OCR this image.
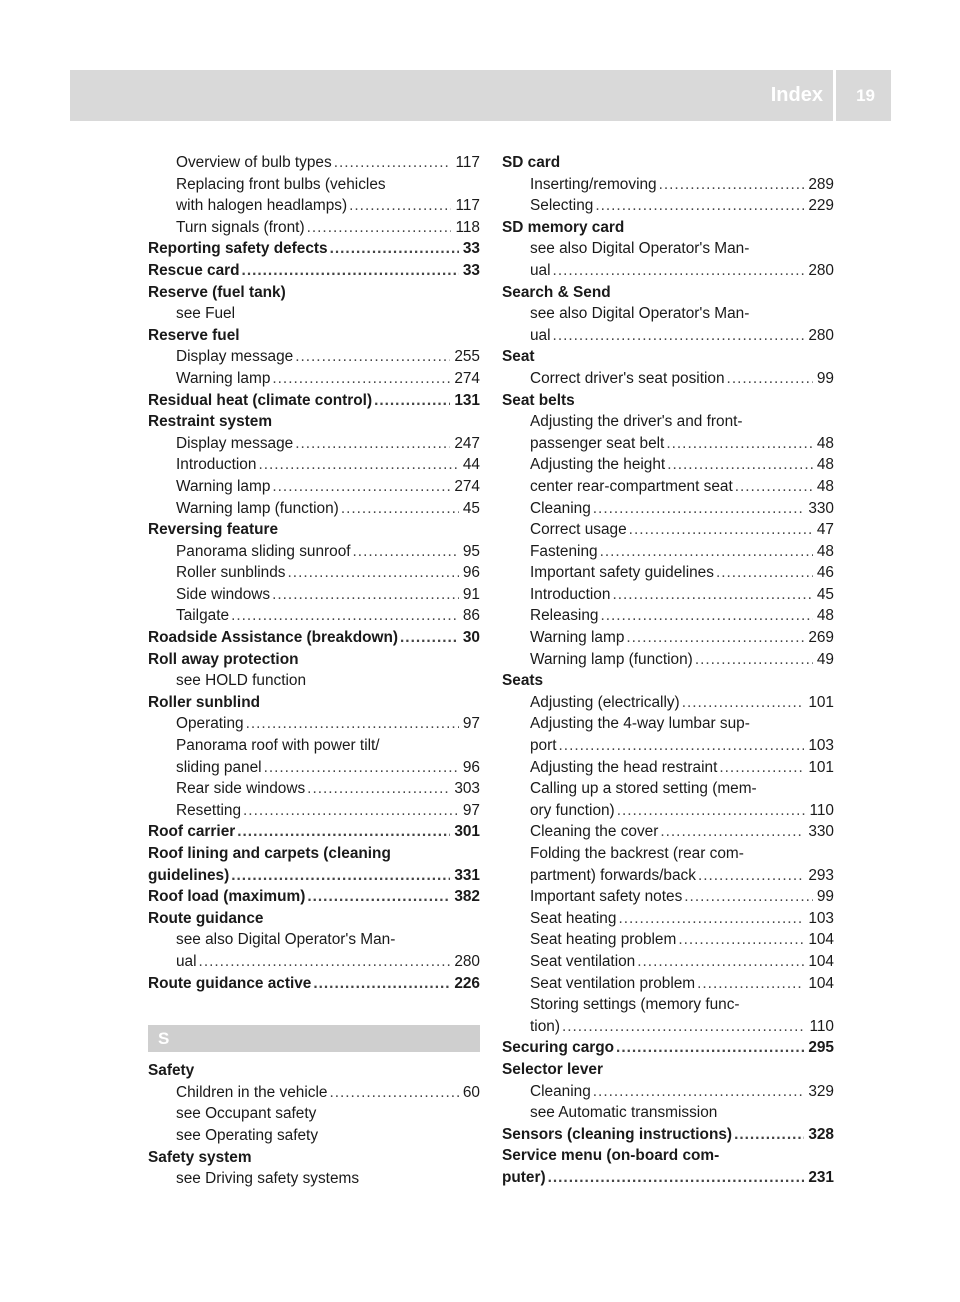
Index 19
Overview of bulb types .....	117
Replacing front bulbs (vehicles
with halogen headlamps) .....	117
Turn signals (front) .....	118
Reporting safety defects .....	33
Rescue card .....	33
Reserve (fuel tank)
see Fuel
Reserve fuel
Display message .....	255
Warning lamp .....	274
Residual heat (climate control) .....	131
Restraint system
Display message .....	247
Introduction .....	44
Warning lamp .....	274
Warning lamp (function) .....	45
Reversing feature
Panorama sliding sunroof .....	95
Roller sunblinds .....	96
Side windows .....	91
Tailgate .....	86
Roadside Assistance (breakdown) .....	30
Roll away protection
see HOLD function
Roller sunblind
Operating .....	97
Panorama roof with power tilt/
sliding panel .....	96
Rear side windows .....	303
Resetting .....	97
Roof carrier .....	301
Roof lining and carpets (cleaning
guidelines) .....	331
Roof load (maximum) .....	382
Route guidance
see also Digital Operator's Man-
ual .....	280
Route guidance active .....	226
S
Safety
Children in the vehicle .....	60
see Occupant safety
see Operating safety
Safety system
see Driving safety systems
SD card
Inserting/removing .....	289
Selecting .....	229
SD memory card
see also Digital Operator's Man-
ual .....	280
Search & Send
see also Digital Operator's Man-
ual .....	280
Seat
Correct driver's seat position .....	99
Seat belts
Adjusting the driver's and front-
passenger seat belt .....	48
Adjusting the height .....	48
center rear-compartment seat .....	48
Cleaning .....	330
Correct usage .....	47
Fastening .....	48
Important safety guidelines .....	46
Introduction .....	45
Releasing .....	48
Warning lamp .....	269
Warning lamp (function) .....	49
Seats
Adjusting (electrically) .....	101
Adjusting the 4-way lumbar sup-
port .....	103
Adjusting the head restraint .....	101
Calling up a stored setting (mem-
ory function) .....	110
Cleaning the cover .....	330
Folding the backrest (rear com-
partment) forwards/back .....	293
Important safety notes .....	99
Seat heating .....	103
Seat heating problem .....	104
Seat ventilation .....	104
Seat ventilation problem .....	104
Storing settings (memory func-
tion) .....	110
Securing cargo .....	295
Selector lever
Cleaning .....	329
see Automatic transmission
Sensors (cleaning instructions) .....	328
Service menu (on-board com-
puter) .....	231
